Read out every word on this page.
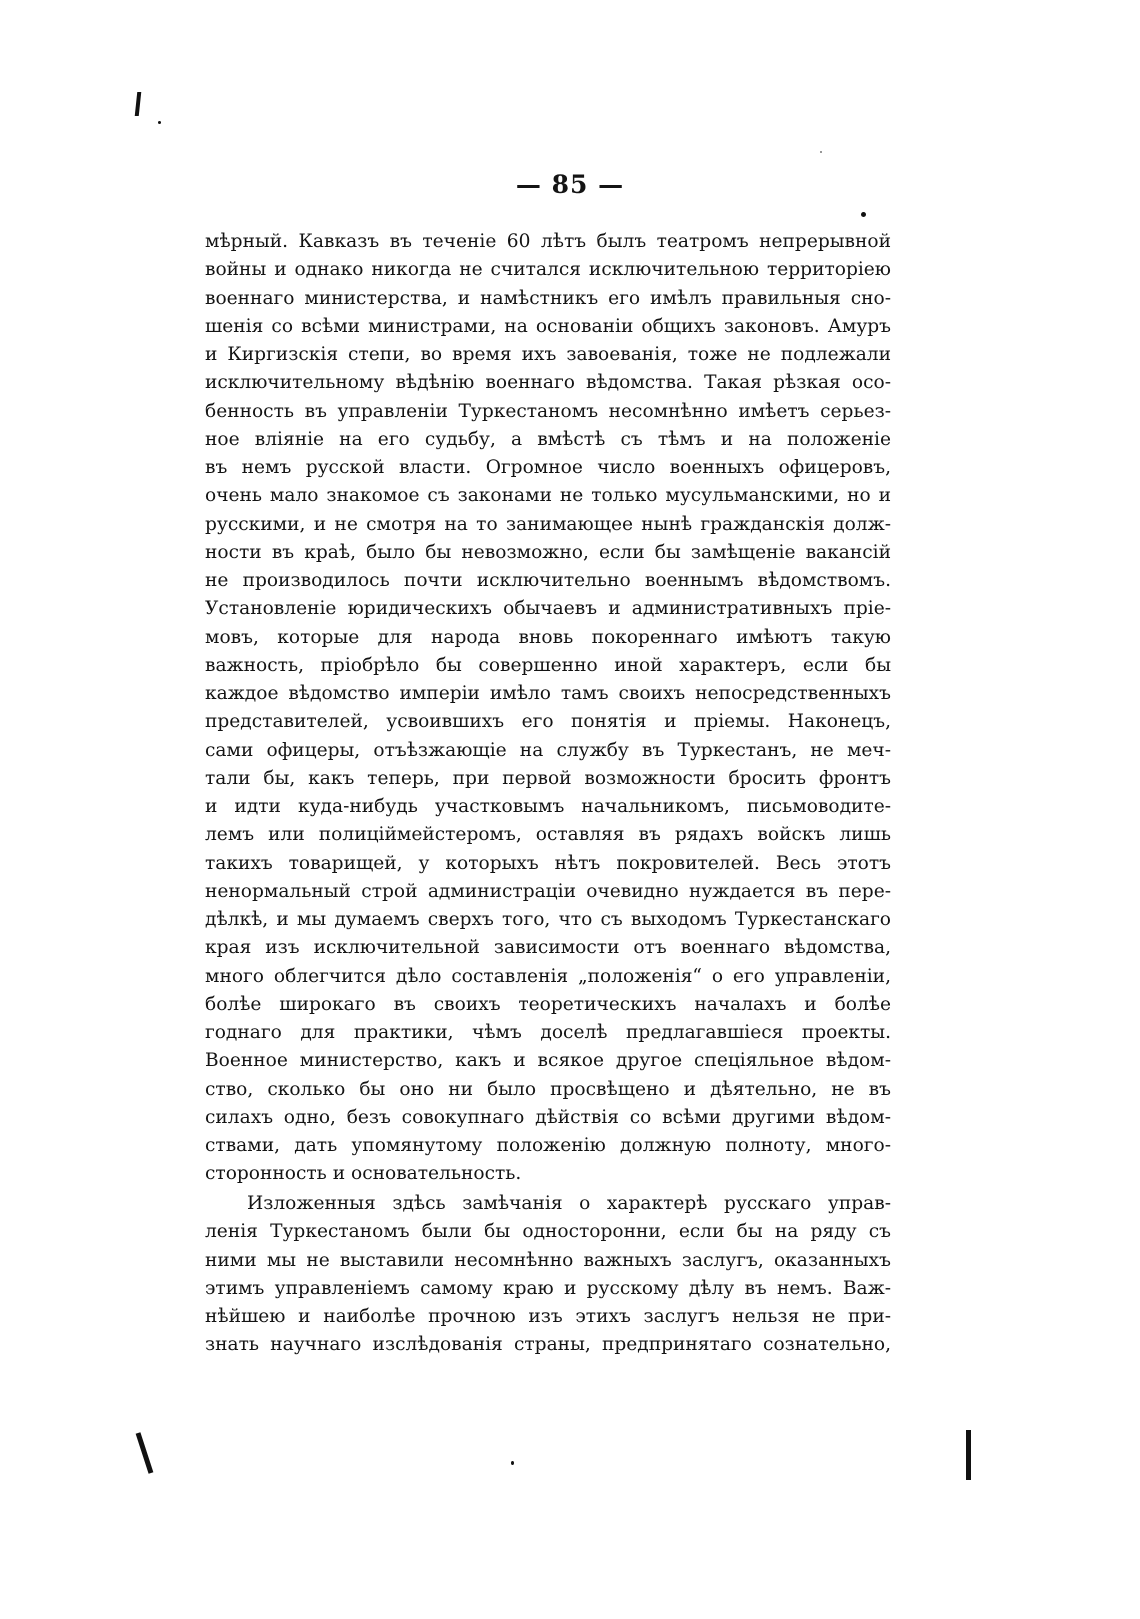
— 85 —
мѣрный. Кавказъ въ теченіе 60 лѣтъ былъ театромъ непрерывной
войны и однако никогда не считался исключительною территоріею
военнаго министерства, и намѣстникъ его имѣлъ правильныя сно-
шенія со всѣми министрами, на основаніи общихъ законовъ. Амуръ
и Киргизскія степи, во время ихъ завоеванія, тоже не подлежали
исключительному вѣдѣнію военнаго вѣдомства. Такая рѣзкая осо-
бенность въ управленіи Туркестаномъ несомнѣнно имѣетъ серьез-
ное вліяніе на его судьбу, а вмѣстѣ съ тѣмъ и на положеніе
въ немъ русской власти. Огромное число военныхъ офицеровъ,
очень мало знакомое съ законами не только мусульманскими, но и
русскими, и не смотря на то занимающее нынѣ гражданскія долж-
ности въ краѣ, было бы невозможно, если бы замѣщеніе вакансій
не производилось почти исключительно военнымъ вѣдомствомъ.
Установленіе юридическихъ обычаевъ и административныхъ пріе-
мовъ, которые для народа вновь покореннаго имѣютъ такую
важность, пріобрѣло бы совершенно иной характеръ, если бы
каждое вѣдомство имперіи имѣло тамъ своихъ непосредственныхъ
представителей, усвоившихъ его понятія и пріемы. Наконецъ,
сами офицеры, отъѣзжающіе на службу въ Туркестанъ, не меч-
тали бы, какъ теперь, при первой возможности бросить фронтъ
и идти куда-нибудь участковымъ начальникомъ, письмоводите-
лемъ или полицiймейстеромъ, оставляя въ рядахъ войскъ лишь
такихъ товарищей, у которыхъ нѣтъ покровителей. Весь этотъ
ненормальный строй администраціи очевидно нуждается въ пере-
дѣлкѣ, и мы думаемъ сверхъ того, что съ выходомъ Туркестанскаго
края изъ исключительной зависимости отъ военнаго вѣдомства,
много облегчится дѣло составленія „положенія“ о его управленіи,
болѣе широкаго въ своихъ теоретическихъ началахъ и болѣе
годнаго для практики, чѣмъ доселѣ предлагавшіеся проекты.
Военное министерство, какъ и всякое другое спеціяльное вѣдом-
ство, сколько бы оно ни было просвѣщено и дѣятельно, не въ
силахъ одно, безъ совокупнаго дѣйствія со всѣми другими вѣдом-
ствами, дать упомянутому положенію должную полноту, много-
сторонность и основательность.
Изложенныя здѣсь замѣчанія о характерѣ русскаго управ-
ленія Туркестаномъ были бы односторонни, если бы на ряду съ
ними мы не выставили несомнѣнно важныхъ заслугъ, оказанныхъ
этимъ управленіемъ самому краю и русскому дѣлу въ немъ. Важ-
нѣйшею и наиболѣе прочною изъ этихъ заслугъ нельзя не при-
знать научнаго изслѣдованія страны, предпринятаго сознательно,
